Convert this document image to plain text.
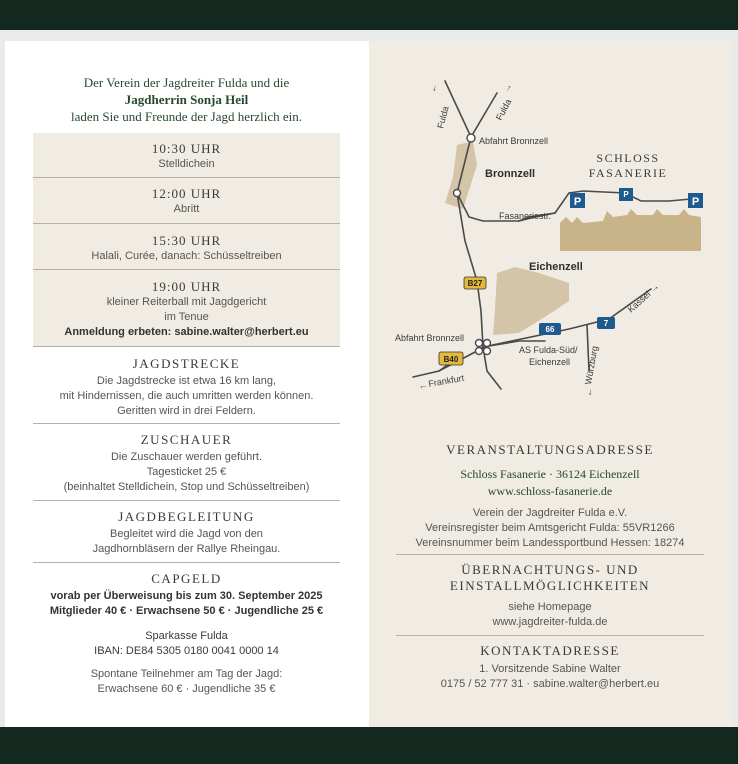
Der Verein der Jagdreiter Fulda und die
Jagdherrin Sonja Heil
laden Sie und Freunde der Jagd herzlich ein.
10:30 UHR
Stelldichein
12:00 UHR
Abritt
15:30 UHR
Halali, Curée, danach: Schüsseltreiben
19:00 UHR
kleiner Reiterball mit Jagdgericht
im Tenue
Anmeldung erbeten: sabine.walter@herbert.eu
JAGDSTRECKE
Die Jagdstrecke ist etwa 16 km lang,
mit Hindernissen, die auch umritten werden können.
Geritten wird in drei Feldern.
ZUSCHAUER
Die Zuschauer werden geführt.
Tagesticket 25 €
(beinhaltet Stelldichein, Stop und Schüsseltreiben)
JAGDBEGLEITUNG
Begleitet wird die Jagd von den
Jagdhornbläsern der Rallye Rheingau.
CAPGELD
vorab per Überweisung bis zum 30. September 2025
Mitglieder 40 € · Erwachsene 50 € · Jugendliche 25 €
Sparkasse Fulda
IBAN: DE84 5305 0180 0041 0000 14
Spontane Teilnehmer am Tag der Jagd:
Erwachsene 60 € · Jugendliche 35 €
Fulda	Fulda
Abfahrt Bronnzell
Fasaneriestr.
Abfahrt Bronnzell
AS Fulda-Süd/
Eichenzell
Frankfurt
Kassel
Würzburg
←	→
←
→
←
Bronnzell
Eichenzell
SCHLOSS
FASANERIE
P
P
P
B27
B40
66
7
VERANSTALTUNGSADRESSE
Schloss Fasanerie · 36124 Eichenzell
www.schloss-fasanerie.de
Verein der Jagdreiter Fulda e.V.
Vereinsregister beim Amtsgericht Fulda: 55VR1266
Vereinsnummer beim Landessportbund Hessen: 18274
ÜBERNACHTUNGS- UND
EINSTALLMÖGLICHKEITEN
siehe Homepage
www.jagdreiter-fulda.de
KONTAKTADRESSE
1. Vorsitzende Sabine Walter
0175 / 52 777 31 · sabine.walter@herbert.eu
